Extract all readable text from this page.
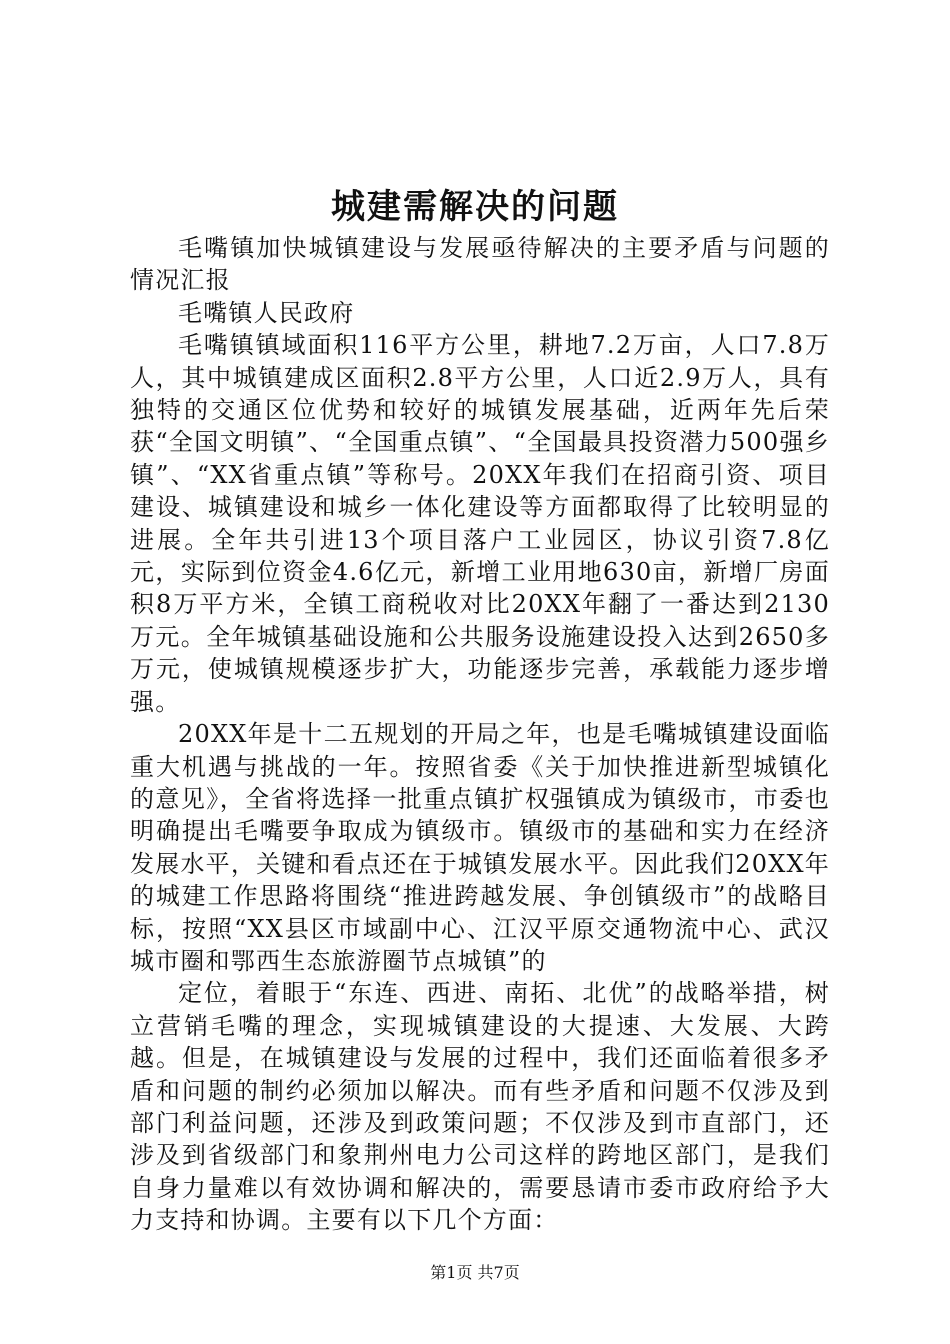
城建需解决的问题

毛嘴镇加快城镇建设与发展亟待解决的主要矛盾与问题的情况汇报

毛嘴镇人民政府

毛嘴镇镇域面积116平方公里，耕地7.2万亩，人口7.8万人，其中城镇建成区面积2.8平方公里，人口近2.9万人，具有独特的交通区位优势和较好的城镇发展基础，近两年先后荣获“全国文明镇”、“全国重点镇”、“全国最具投资潜力500强乡镇”、“XX省重点镇”等称号。20XX年我们在招商引资、项目建设、城镇建设和城乡一体化建设等方面都取得了比较明显的进展。全年共引进13个项目落户工业园区，协议引资7.8亿元，实际到位资金4.6亿元，新增工业用地630亩，新增厂房面积8万平方米，全镇工商税收对比20XX年翻了一番达到2130万元。全年城镇基础设施和公共服务设施建设投入达到2650多万元，使城镇规模逐步扩大，功能逐步完善，承载能力逐步增强。

20XX年是十二五规划的开局之年，也是毛嘴城镇建设面临重大机遇与挑战的一年。按照省委《关于加快推进新型城镇化的意见》，全省将选择一批重点镇扩权强镇成为镇级市，市委也明确提出毛嘴要争取成为镇级市。镇级市的基础和实力在经济发展水平，关键和看点还在于城镇发展水平。因此我们20XX年的城建工作思路将围绕“推进跨越发展、争创镇级市”的战略目标，按照“XX县区市域副中心、江汉平原交通物流中心、武汉城市圈和鄂西生态旅游圈节点城镇”的

定位，着眼于“东连、西进、南拓、北优”的战略举措，树立营销毛嘴的理念，实现城镇建设的大提速、大发展、大跨越。但是，在城镇建设与发展的过程中，我们还面临着很多矛盾和问题的制约必须加以解决。而有些矛盾和问题不仅涉及到部门利益问题，还涉及到政策问题；不仅涉及到市直部门，还涉及到省级部门和象荆州电力公司这样的跨地区部门，是我们自身力量难以有效协调和解决的，需要恳请市委市政府给予大力支持和协调。主要有以下几个方面：

第1页 共7页
